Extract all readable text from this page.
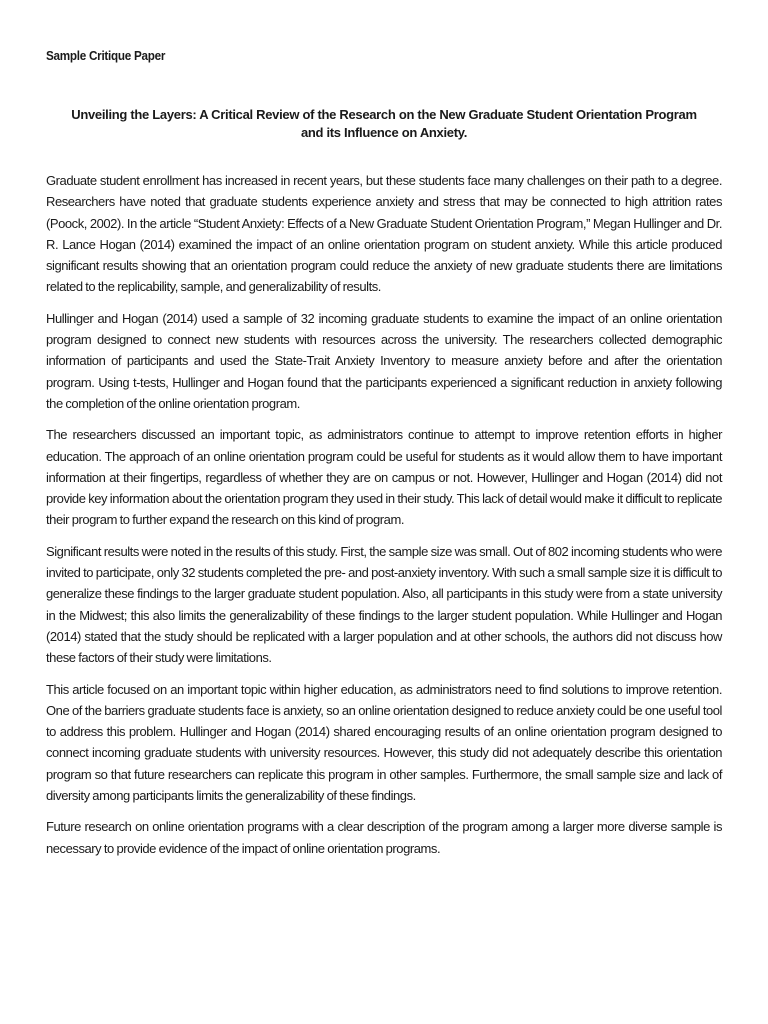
Sample Critique Paper
Unveiling the Layers: A Critical Review of the Research on the New Graduate Student Orientation Program
and its Influence on Anxiety.

Graduate student enrollment has increased in recent years, but these students face many challenges on their path to a degree. Researchers have noted that graduate students experience anxiety and stress that may be connected to high attrition rates (Poock, 2002). In the article “Student Anxiety: Effects of a New Graduate Student Orientation Program,” Megan Hullinger and Dr. R. Lance Hogan (2014) examined the impact of an online orientation program on student anxiety. While this article produced significant results showing that an orientation program could reduce the anxiety of new graduate students there are limitations related to the replicability, sample, and generalizability of results.

Hullinger and Hogan (2014) used a sample of 32 incoming graduate students to examine the impact of an online orientation program designed to connect new students with resources across the university. The researchers collected demographic information of participants and used the State-Trait Anxiety Inventory to measure anxiety before and after the orientation program. Using t-tests, Hullinger and Hogan found that the participants experienced a significant reduction in anxiety following the completion of the online orientation program.

The researchers discussed an important topic, as administrators continue to attempt to improve retention efforts in higher education. The approach of an online orientation program could be useful for students as it would allow them to have important information at their fingertips, regardless of whether they are on campus or not. However, Hullinger and Hogan (2014) did not provide key information about the orientation program they used in their study. This lack of detail would make it difficult to replicate their program to further expand the research on this kind of program.

Significant results were noted in the results of this study. First, the sample size was small. Out of 802 incoming students who were invited to participate, only 32 students completed the pre- and post-anxiety inventory. With such a small sample size it is difficult to generalize these findings to the larger graduate student population. Also, all participants in this study were from a state university in the Midwest; this also limits the generalizability of these findings to the larger student population. While Hullinger and Hogan (2014) stated that the study should be replicated with a larger population and at other schools, the authors did not discuss how these factors of their study were limitations.

This article focused on an important topic within higher education, as administrators need to find solutions to improve retention. One of the barriers graduate students face is anxiety, so an online orientation designed to reduce anxiety could be one useful tool to address this problem. Hullinger and Hogan (2014) shared encouraging results of an online orientation program designed to connect incoming graduate students with university resources. However, this study did not adequately describe this orientation program so that future researchers can replicate this program in other samples. Furthermore, the small sample size and lack of diversity among participants limits the generalizability of these findings.

Future research on online orientation programs with a clear description of the program among a larger more diverse sample is necessary to provide evidence of the impact of online orientation programs.
